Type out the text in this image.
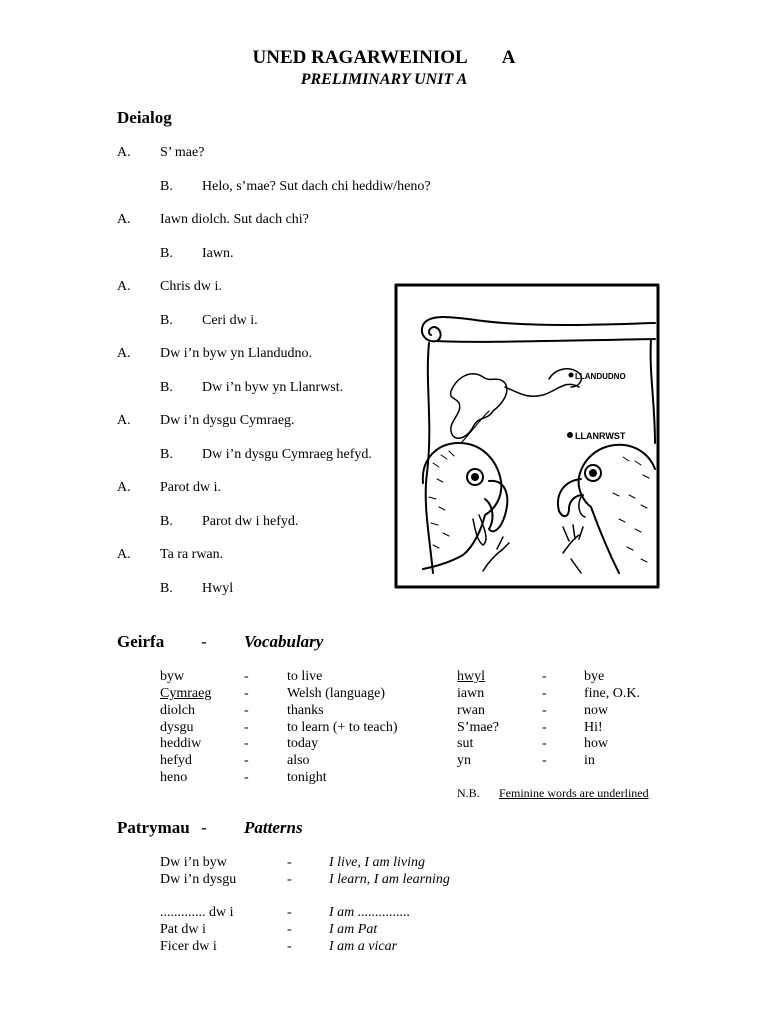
UNED RAGARWEINIOL A
PRELIMINARY UNIT A
Deialog
A. S’ mae?
B. Helo, s’mae? Sut dach chi heddiw/heno?
A. Iawn diolch. Sut dach chi?
B. Iawn.
A. Chris dw i.
B. Ceri dw i.
A. Dw i’n byw yn Llandudno.
B. Dw i’n byw yn Llanrwst.
A. Dw i’n dysgu Cymraeg.
B. Dw i’n dysgu Cymraeg hefyd.
A. Parot dw i.
B. Parot dw i hefyd.
A. Ta ra rwan.
B. Hwyl
LLANDUDNO
LLANRWST
Geirfa - Vocabulary
byw	-	to live
Cymraeg -	Welsh (language)
diolch	-	thanks
dysgu	-	to learn (+ to teach)
heddiw	-	today
hefyd	-	also
heno	-	tonight
hwyl	-	bye
iawn	-	fine, O.K.
rwan	-	now
S’mae?	-	Hi!
sut	-	how
yn	-	in
N.B. Feminine words are underlined
Patrymau - Patterns
Dw i’n byw	-	I live, I am living
Dw i’n dysgu	-	I learn, I am learning
............. dw i	-	I am ...............
Pat dw i	-	I am Pat
Ficer dw i	-	I am a vicar
